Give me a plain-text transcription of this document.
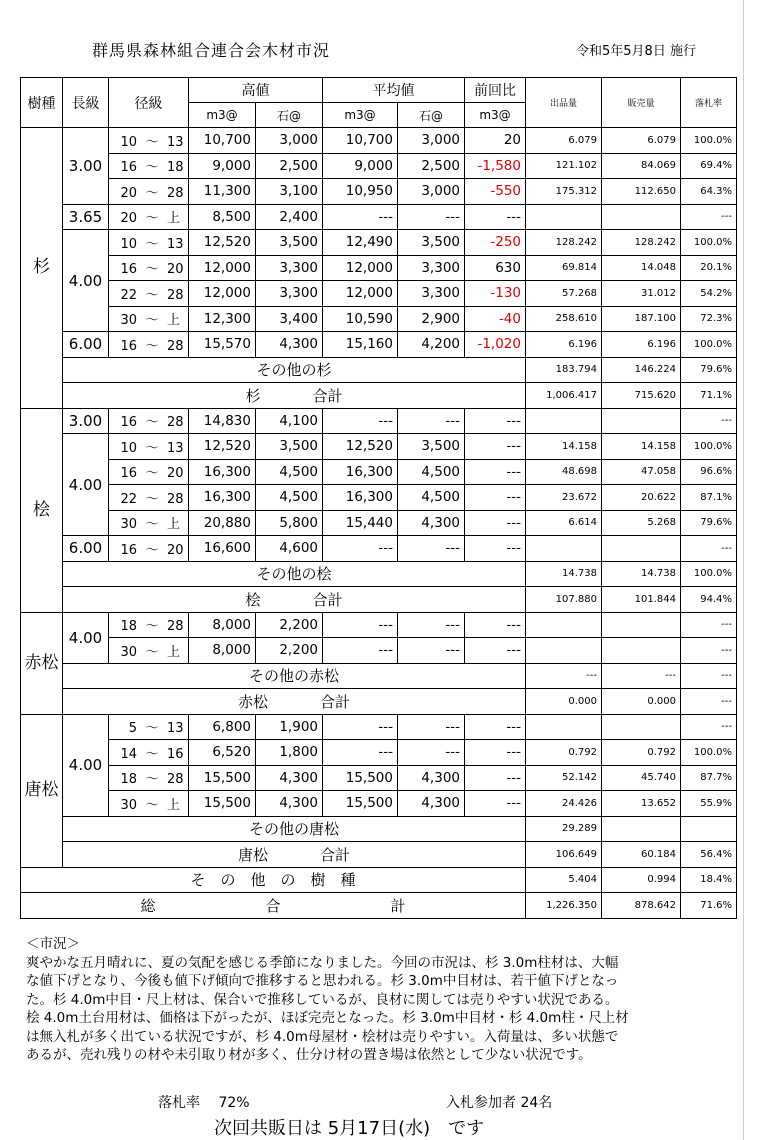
群馬県森林組合連合会木材市況	令和5年5月8日 施行
樹種	長級	径級	高値		平均値		前回比	出品量	販売量	落札率
			m3@	石@	m3@	石@	m3@			
杉	3.00	10 ～ 13	10,700	3,000	10,700	3,000	20	6.079	6.079	100.0%
		16 ～ 18	9,000	2,500	9,000	2,500	-1,580	121.102	84.069	69.4%
		20 ～ 28	11,300	3,100	10,950	3,000	-550	175.312	112.650	64.3%
	3.65	20 ～ 上	8,500	2,400	---	---	---			---
	4.00	10 ～ 13	12,520	3,500	12,490	3,500	-250	128.242	128.242	100.0%
		16 ～ 20	12,000	3,300	12,000	3,300	630	69.814	14.048	20.1%
		22 ～ 28	12,000	3,300	12,000	3,300	-130	57.268	31.012	54.2%
		30 ～ 上	12,300	3,400	10,590	2,900	-40	258.610	187.100	72.3%
	6.00	16 ～ 28	15,570	4,300	15,160	4,200	-1,020	6.196	6.196	100.0%
	その他の杉							183.794	146.224	79.6%
	杉 合計							1,006.417	715.620	71.1%
桧	3.00	16 ～ 28	14,830	4,100	---	---	---			---
	4.00	10 ～ 13	12,520	3,500	12,520	3,500	---	14.158	14.158	100.0%
		16 ～ 20	16,300	4,500	16,300	4,500	---	48.698	47.058	96.6%
		22 ～ 28	16,300	4,500	16,300	4,500	---	23.672	20.622	87.1%
		30 ～ 上	20,880	5,800	15,440	4,300	---	6.614	5.268	79.6%
	6.00	16 ～ 20	16,600	4,600	---	---	---			---
	その他の桧							14.738	14.738	100.0%
	桧 合計							107.880	101.844	94.4%
赤松	4.00	18 ～ 28	8,000	2,200	---	---	---			---
		30 ～ 上	8,000	2,200	---	---	---			---
	その他の赤松							---	---	---
	赤松 合計							0.000	0.000	---
唐松	4.00	5 ～ 13	6,800	1,900	---	---	---			---
		14 ～ 16	6,520	1,800	---	---	---	0.792	0.792	100.0%
		18 ～ 28	15,500	4,300	15,500	4,300	---	52.142	45.740	87.7%
		30 ～ 上	15,500	4,300	15,500	4,300	---	24.426	13.652	55.9%
	その他の唐松							29.289		
	唐松 合計							106.649	60.184	56.4%
そ　の　他　の　樹　種								5.404	0.994	18.4%
総 合 計								1,226.350	878.642	71.6%

＜市況＞

爽やかな五月晴れに、夏の気配を感じる季節になりました。今回の市況は、杉 3.0m柱材は、大幅

な値下げとなり、今後も値下げ傾向で推移すると思われる。杉 3.0m中目材は、若干値下げとなっ

た。杉 4.0m中目・尺上材は、保合いで推移しているが、良材に関しては売りやすい状況である。

桧 4.0m土台用材は、価格は下がったが、ほぼ完売となった。杉 3.0m中目材・杉 4.0m柱・尺上材

は無入札が多く出ている状況ですが、杉 4.0m母屋材・桧材は売りやすい。入荷量は、多い状態で

あるが、売れ残りの材や未引取り材が多く、仕分け材の置き場は依然として少ない状況です。

落札率　 72%	入札参加者 24名
次回共販日は 5月17日(水)　です
